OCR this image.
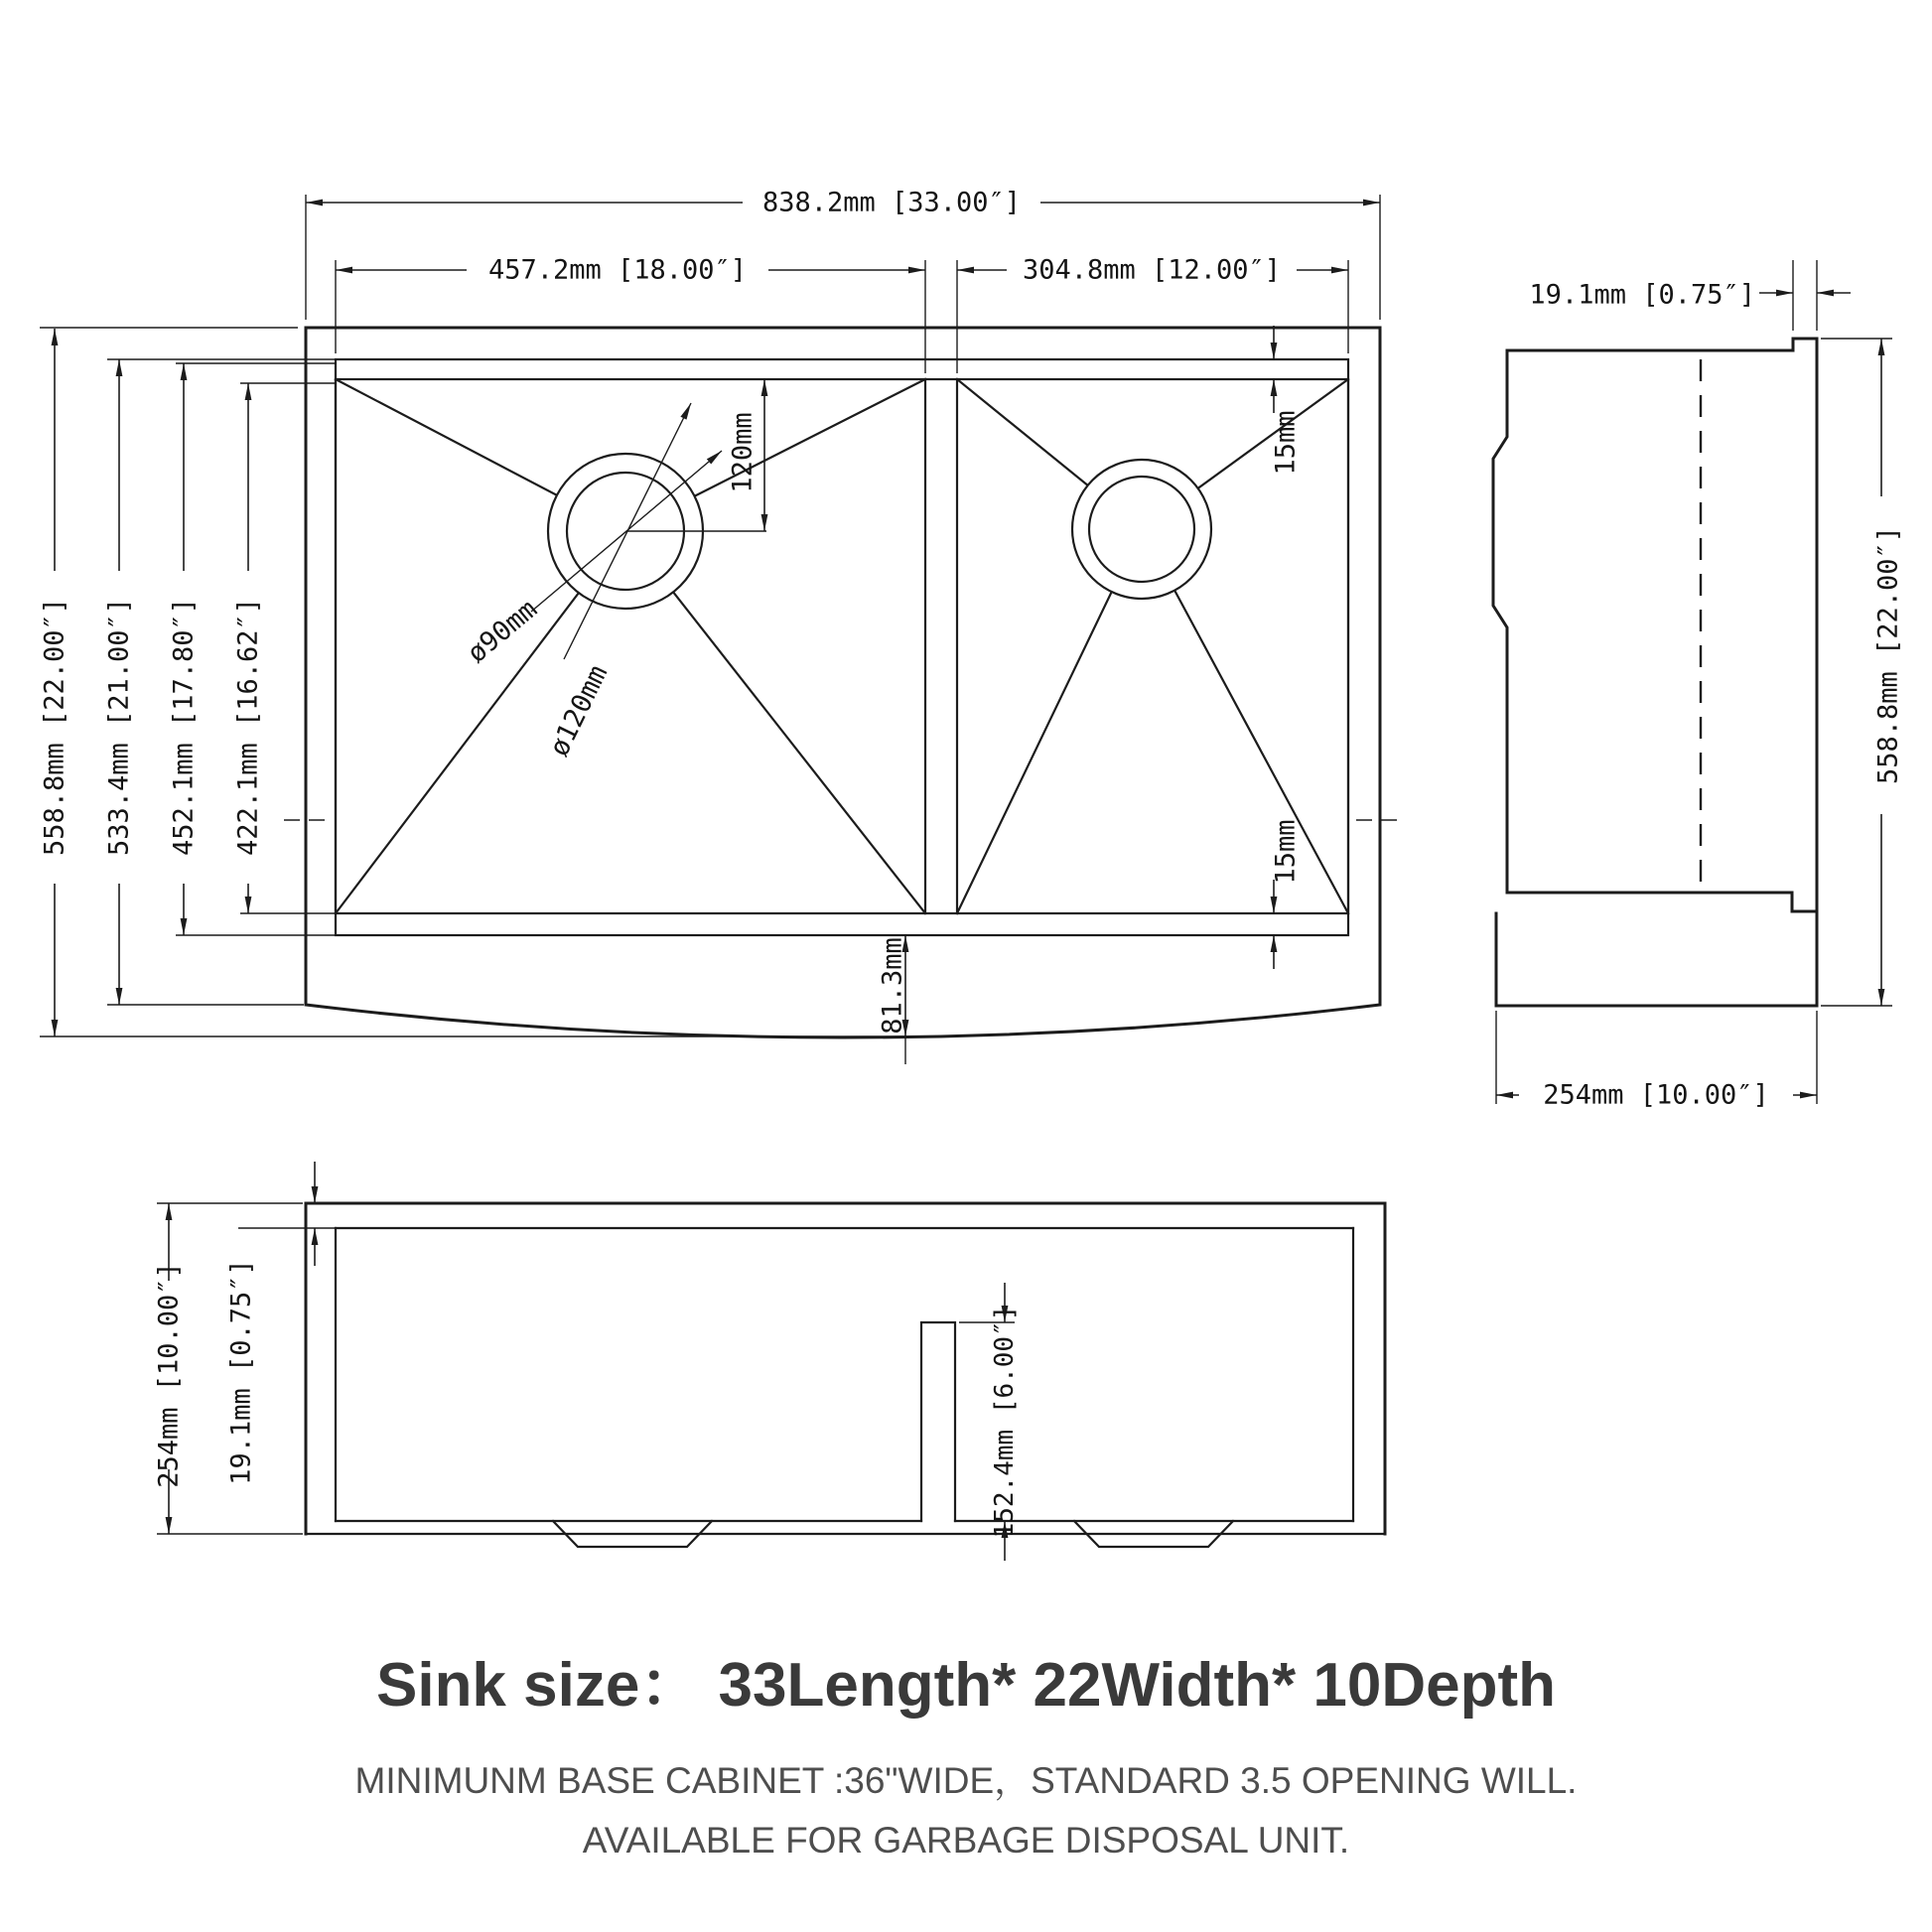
838.2mm [33.00″]
457.2mm [18.00″]	304.8mm [12.00″]
558.8mm [22.00″] 533.4mm [21.00″] 452.1mm [17.80″] 422.1mm [16.62″]
120mm
ø90mm
ø120mm
15mm
15mm
81.3mm
19.1mm [0.75″]
558.8mm [22.00″]
254mm [10.00″]
254mm [10.00″] 19.1mm [0.75″]	152.4mm [6.00″]
Sink size： 33Length* 22Width* 10Depth
MINIMUNM BASE CABINET :36"WIDE，STANDARD 3.5 OPENING WILL.
AVAILABLE FOR GARBAGE DISPOSAL UNIT.
